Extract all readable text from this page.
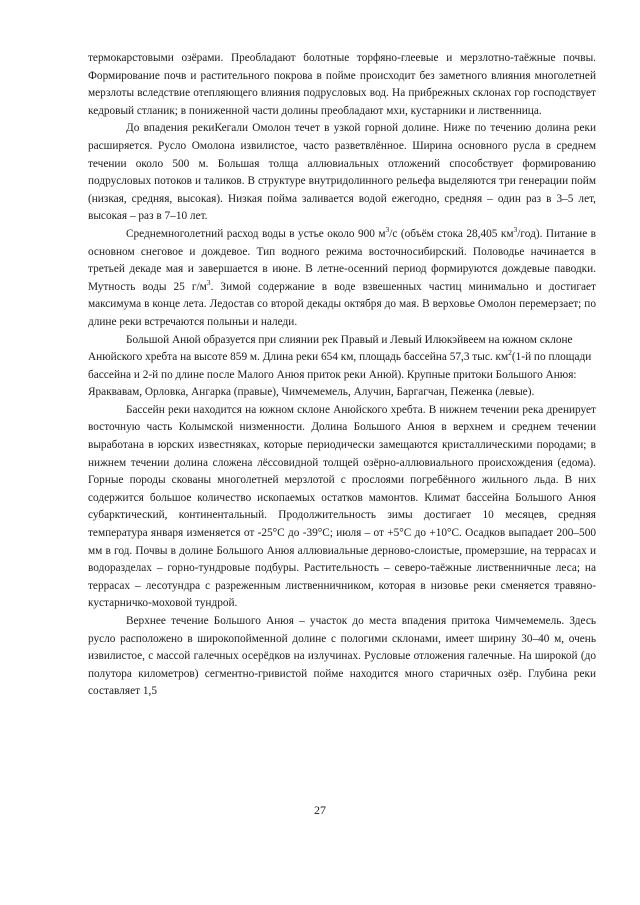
термокарстовыми озёрами. Преобладают болотные торфяно-глеевые и мерзлотно-таёжные почвы. Формирование почв и растительного покрова в пойме происходит без заметного влияния многолетней мерзлоты вследствие отепляющего влияния подрусловых вод. На прибрежных склонах гор господствует кедровый стланик; в пониженной части долины преобладают мхи, кустарники и лиственница.

До впадения рекиКегали Омолон течет в узкой горной долине. Ниже по течению долина реки расширяется. Русло Омолона извилистое, часто разветвлённое. Ширина основного русла в среднем течении около 500 м. Большая толща аллювиальных отложений способствует формированию подрусловых потоков и таликов. В структуре внутридолинного рельефа выделяются три генерации пойм (низкая, средняя, высокая). Низкая пойма заливается водой ежегодно, средняя – один раз в 3–5 лет, высокая – раз в 7–10 лет.

Среднемноголетний расход воды в устье около 900 $м^3/с$ (объём стока 28,405 $км^3/год$). Питание в основном снеговое и дождевое. Тип водного режима восточносибирский. Половодье начинается в третьей декаде мая и завершается в июне. В летне-осенний период формируются дождевые паводки. Мутность воды 25 $г/м^3$. Зимой содержание в воде взвешенных частиц минимально и достигает максимума в конце лета. Ледостав со второй декады октября до мая. В верховье Омолон перемерзает; по длине реки встречаются полыньи и наледи.

Большой Анюй образуется при слиянии рек Правый и Левый Илюкэйвеем на южном склоне Анюйского хребта на высоте 859 м. Длина реки 654 км, площадь бассейна 57,3 тыс. $км^2(1-й$ по площади бассейна и 2-й по длине после Малого Анюя приток реки Анюй). Крупные притоки Большого Анюя: Яраквавам, Орловка, Ангарка (правые), Чимчемемель, Алучин, Баргагчан, Пеженка (левые).

Бассейн реки находится на южном склоне Анюйского хребта. В нижнем течении река дренирует восточную часть Колымской низменности. Долина Большого Анюя в верхнем и среднем течении выработана в юрских известняках, которые периодически замещаются кристаллическими породами; в нижнем течении долина сложена лёссовидной толщей озёрно-аллювиального происхождения (едома). Горные породы скованы многолетней мерзлотой с прослоями погребённого жильного льда. В них содержится большое количество ископаемых остатков мамонтов. Климат бассейна Большого Анюя субарктический, континентальный. Продолжительность зимы достигает 10 месяцев, средняя температура января изменяется от -25°С до -39°С; июля – от +5°С до +10°С. Осадков выпадает 200–500 мм в год. Почвы в долине Большого Анюя аллювиальные дерново-слоистые, промерзшие, на террасах и водоразделах – горно-тундровые подбуры. Растительность – северо-таёжные лиственничные леса; на террасах – лесотундра с разреженным лиственничником, которая в низовье реки сменяется травяно-кустарничко-моховой тундрой.

Верхнее течение Большого Анюя – участок до места впадения притока Чимчемемель. Здесь русло расположено в широкопойменной долине с пологими склонами, имеет ширину 30–40 м, очень извилистое, с массой галечных осерёдков на излучинах. Русловые отложения галечные. На широкой (до полутора километров) сегментно-гривистой пойме находится много старичных озёр. Глубина реки составляет 1,5

27
